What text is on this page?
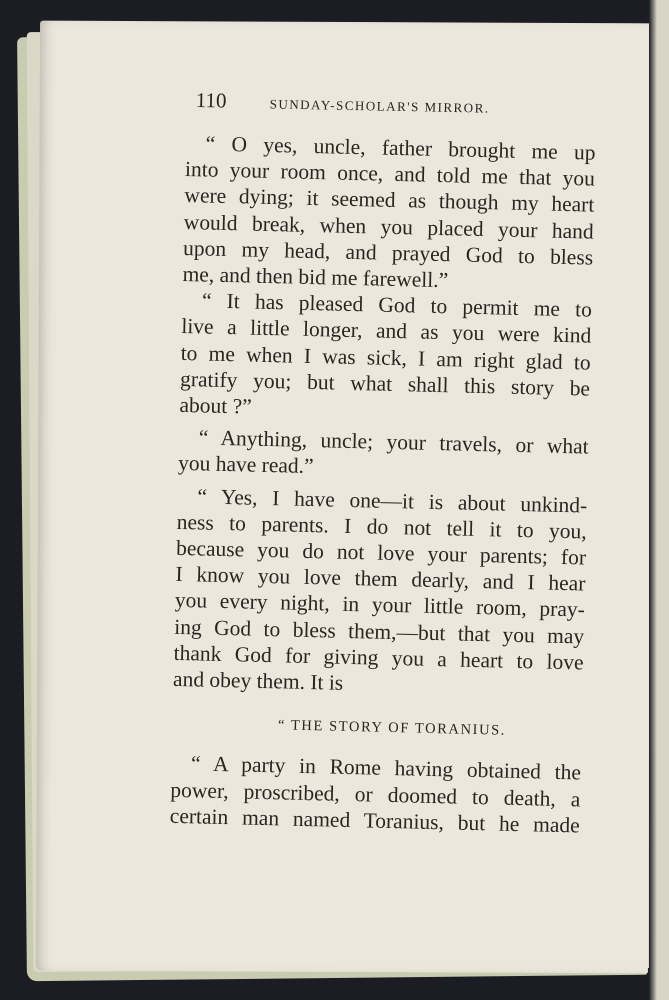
110	SUNDAY-SCHOLAR'S MIRROR.
“ O yes, uncle, father brought me up
into your room once, and told me that you
were dying; it seemed as though my heart
would break, when you placed your hand
upon my head, and prayed God to bless
me, and then bid me farewell.”
“ It has pleased God to permit me to
live a little longer, and as you were kind
to me when I was sick, I am right glad to
gratify you; but what shall this story be
about ?”
“ Anything, uncle; your travels, or what
you have read.”
“ Yes, I have one—it is about unkind-
ness to parents. I do not tell it to you,
because you do not love your parents; for
I know you love them dearly, and I hear
you every night, in your little room, pray-
ing God to bless them,—but that you may
thank God for giving you a heart to love
and obey them. It is
“ THE STORY OF TORANIUS.
“ A party in Rome having obtained the
power, proscribed, or doomed to death, a
certain man named Toranius, but he made
